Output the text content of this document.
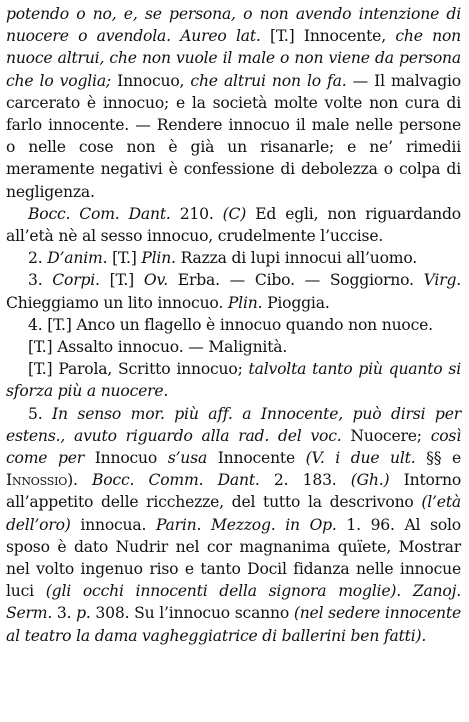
potendo o no, e, se persona, o non avendo intenzione di nuocere o avendola. Aureo lat. [T.] Innocente, che non nuoce altrui, che non vuole il male o non viene da persona che lo voglia; Innocuo, che altrui non lo fa. — Il malvagio carcerato è innocuo; e la società molte volte non cura di farlo innocente. — Rendere innocuo il male nelle persone o nelle cose non è già un risanarle; e ne’ rimedii meramente negativi è confessione di debolezza o colpa di negligenza.

Bocc. Com. Dant. 210. (C) Ed egli, non riguardando all’età nè al sesso innocuo, crudelmente l’uccise.

2. D’anim. [T.] Plin. Razza di lupi innocui all’uomo.

3. Corpi. [T.] Ov. Erba. — Cibo. — Soggiorno. Virg. Chieggiamo un lito innocuo. Plin. Pioggia.

4. [T.] Anco un flagello è innocuo quando non nuoce.

[T.] Assalto innocuo. — Malignità.

[T.] Parola, Scritto innocuo; talvolta tanto più quanto si sforza più a nuocere.

5. In senso mor. più aff. a Innocente, può dirsi per estens., avuto riguardo alla rad. del voc. Nuocere; così come per Innocuo s’usa Innocente (V. i due ult. §§ e Innossio). Bocc. Comm. Dant. 2. 183. (Gh.) Intorno all’appetito delle ricchezze, del tutto la descrivono (l’età dell’oro) innocua. Parin. Mezzog. in Op. 1. 96. Al solo sposo è dato Nudrir nel cor magnanima quïete, Mostrar nel volto ingenuo riso e tanto Docil fidanza nelle innocue luci (gli occhi innocenti della signora moglie). Zanoj. Serm. 3. p. 308. Su l’innocuo scanno (nel sedere innocente al teatro la dama vagheggiatrice di ballerini ben fatti).
